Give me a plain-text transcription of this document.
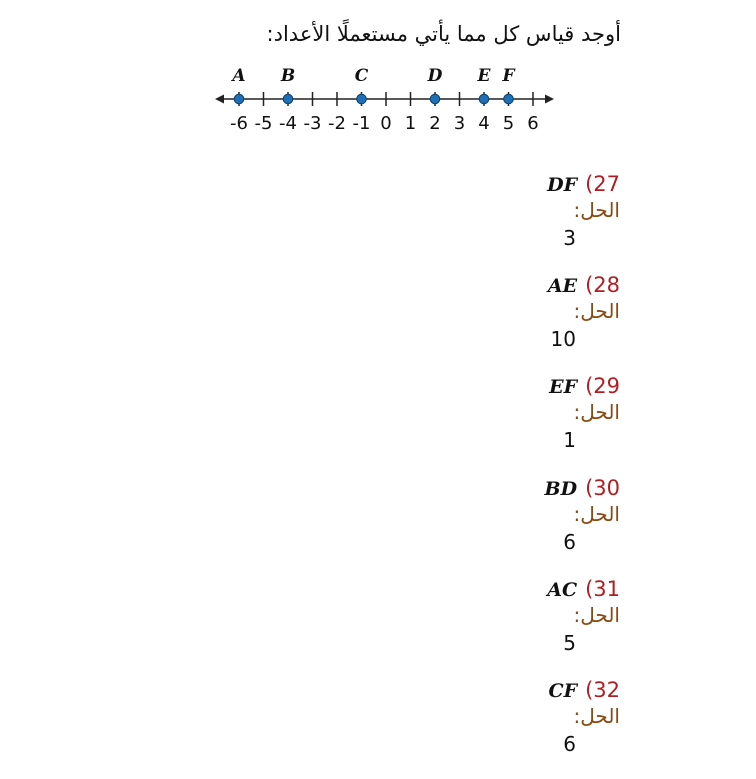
أوجد قياس كل مما يأتي مستعملًا الأعداد:
-6 -5 -4 -3 -2 -1 0 1 2 3 4 5 6
A B	C	D E F
DF (27
الحل:
3
AE (28
الحل:
10
EF (29
الحل:
1
BD (30
الحل:
6
AC (31
الحل:
5
CF (32
الحل:
6
